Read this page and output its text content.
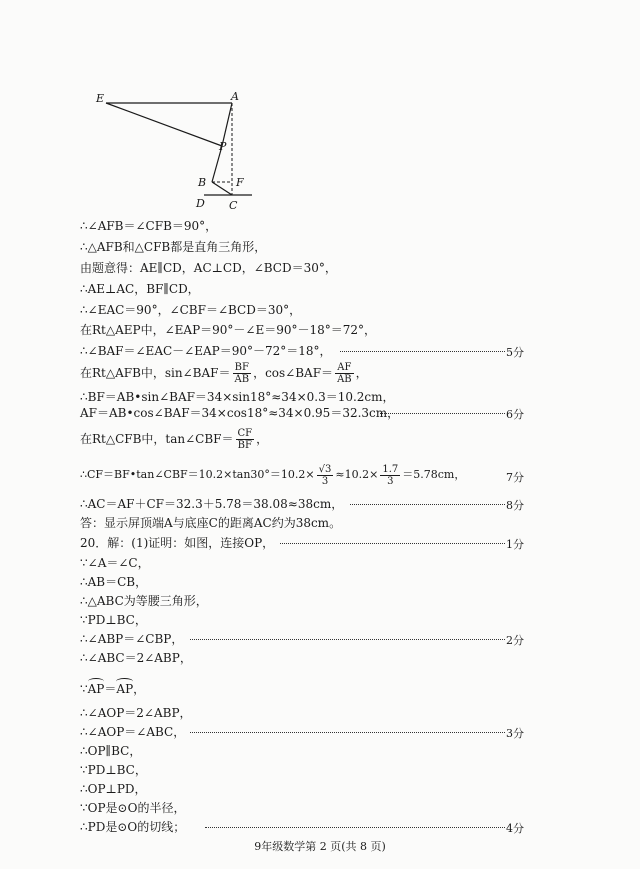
E	A
P
B	F
D C
∴∠AFB＝∠CFB＝90°，
∴△AFB和△CFB都是直角三角形，
由题意得：AE∥CD，AC⊥CD，∠BCD＝30°，
∴AE⊥AC，BF∥CD，
∴∠EAC＝90°，∠CBF＝∠BCD＝30°，
在Rt△AEP中，∠EAP＝90°－∠E＝90°－18°＝72°，
∴∠BAF＝∠EAC－∠EAP＝90°－72°＝18°，	5分
在Rt△AFB中，sin∠BAF＝ $\frac{BF}{AB}$ ，cos∠BAF＝ $\frac{AF}{AB}$ ，
∴BF＝AB•sin∠BAF＝34×sin18°≈34×0.3＝10.2cm，
AF＝AB•cos∠BAF＝34×cos18°≈34×0.95＝32.3cm，	6分
在Rt△CFB中，tan∠CBF＝ $\frac{CF}{BF}$ ，
∴CF＝BF•tan∠CBF＝10.2×tan30°＝10.2× $\frac{√3}{3} \approx 10.2\times \frac{1.7}{3} =5.78cm$，	7分
∴AC＝AF＋CF＝32.3＋5.78＝38.08≈38cm，	8分
答：显示屏顶端A与底座C的距离AC约为38cm。
20．解：(1)证明：如图，连接OP，	1分
∵∠A＝∠C，
∴AB＝CB，
∴△ABC为等腰三角形，
∵PD⊥BC，
∴∠ABP＝∠CBP，	2分
∴∠ABC＝2∠ABP，
∵AP＝AP，
∴∠AOP＝2∠ABP，
∴∠AOP＝∠ABC，	3分
∴OP∥BC，
∵PD⊥BC，
∴OP⊥PD，
∵OP是⊙O的半径，
∴PD是⊙O的切线；	4分
9年级数学第 2 页(共 8 页)
